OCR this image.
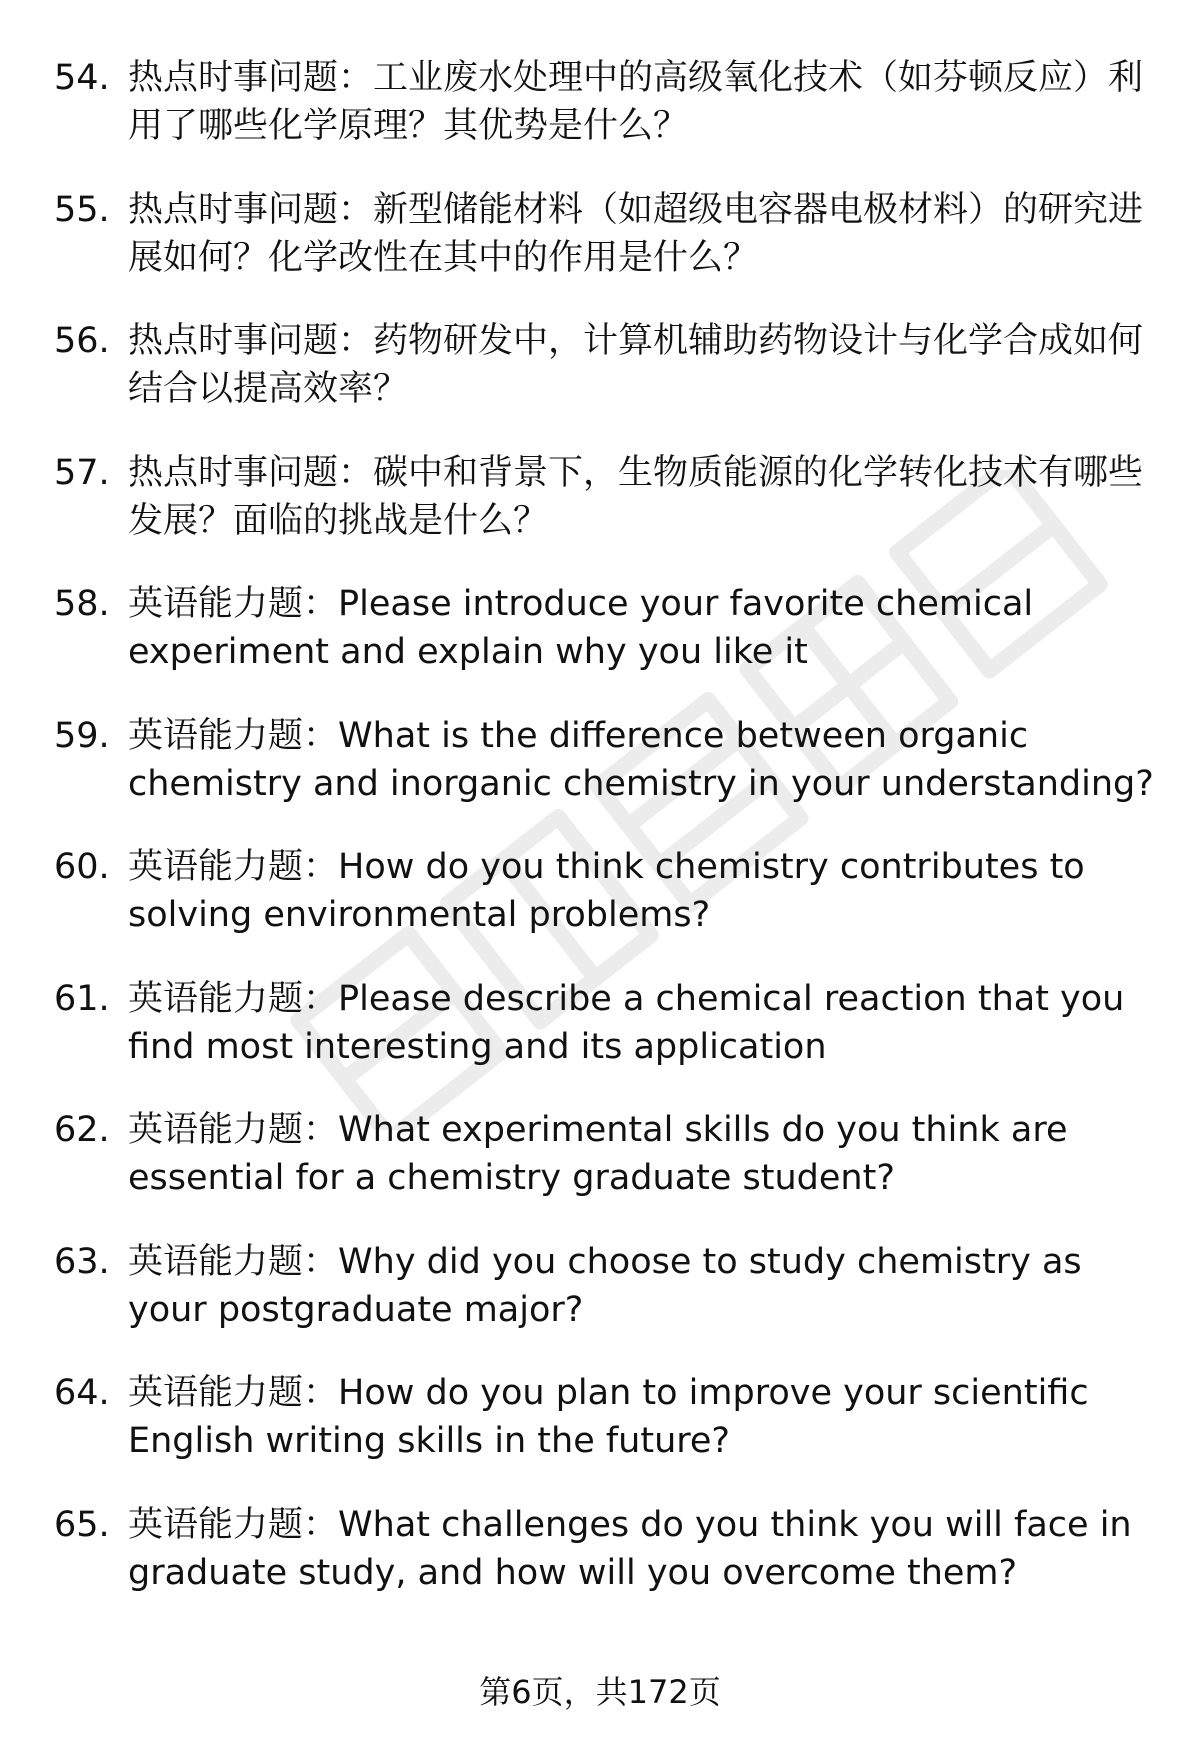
54. 热点时事问题：工业废水处理中的高级氧化技术（如芬顿反应）利用了哪些化学原理？其优势是什么？
55. 热点时事问题：新型储能材料（如超级电容器电极材料）的研究进展如何？化学改性在其中的作用是什么？
56. 热点时事问题：药物研发中，计算机辅助药物设计与化学合成如何结合以提高效率？
57. 热点时事问题：碳中和背景下，生物质能源的化学转化技术有哪些发展？面临的挑战是什么？
58. 英语能力题：Please introduce your favorite chemical experiment and explain why you like it
59. 英语能力题：What is the difference between organic chemistry and inorganic chemistry in your understanding?
60. 英语能力题：How do you think chemistry contributes to solving environmental problems?
61. 英语能力题：Please describe a chemical reaction that you find most interesting and its application
62. 英语能力题：What experimental skills do you think are essential for a chemistry graduate student?
63. 英语能力题：Why did you choose to study chemistry as your postgraduate major?
64. 英语能力题：How do you plan to improve your scientific English writing skills in the future?
65. 英语能力题：What challenges do you think you will face in graduate study, and how will you overcome them?
第6页，共172页
